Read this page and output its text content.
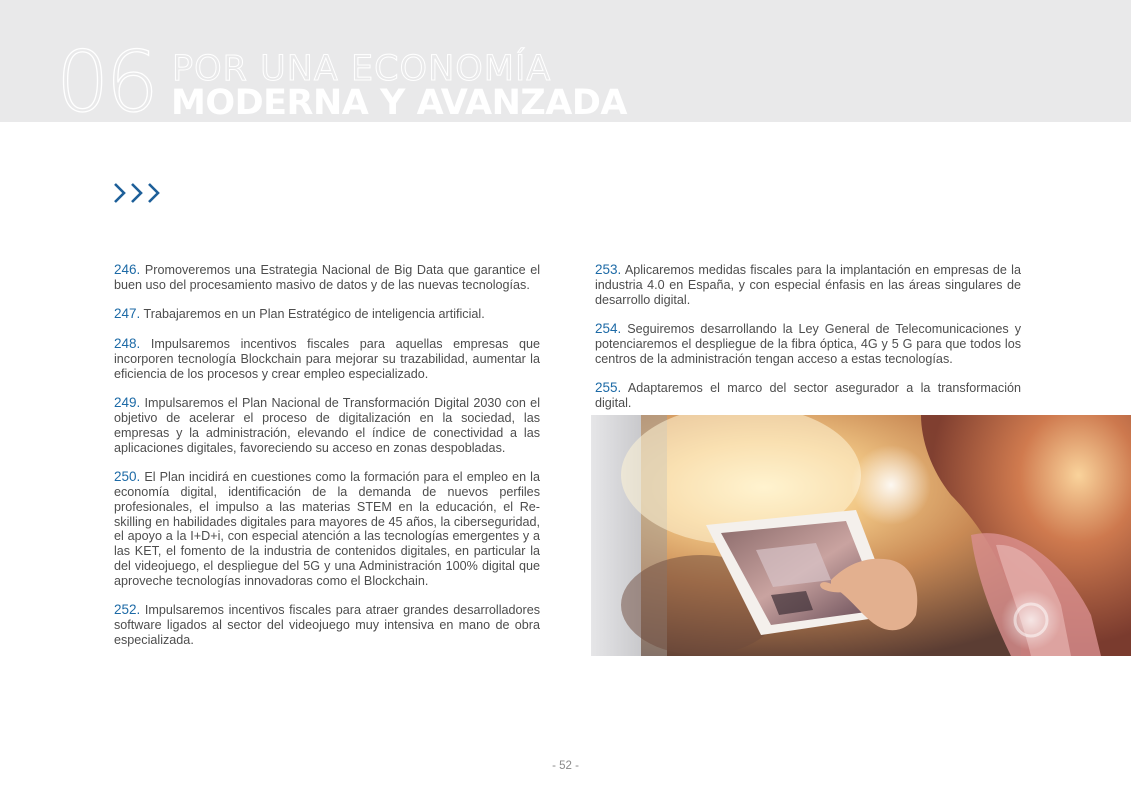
06 POR UNA ECONOMÍA
MODERNA Y AVANZADA

246. Promoveremos una Estrategia Nacional de Big Data que garantice el buen uso del procesamiento masivo de datos y de las nuevas tecnologías.

247. Trabajaremos en un Plan Estratégico de inteligencia artificial.

248. Impulsaremos incentivos fiscales para aquellas empresas que incorporen tecnología Blockchain para mejorar su trazabilidad, aumentar la eficiencia de los procesos y crear empleo especializado.

249. Impulsaremos el Plan Nacional de Transformación Digital 2030 con el objetivo de acelerar el proceso de digitalización en la sociedad, las empresas y la administración, elevando el índice de conectividad a las aplicaciones digitales, favoreciendo su acceso en zonas despobladas.

250. El Plan incidirá en cuestiones como la formación para el empleo en la economía digital, identificación de la demanda de nuevos perfiles profesionales, el impulso a las materias STEM en la educación, el Re-skilling en habilidades digitales para mayores de 45 años, la ciberseguridad, el apoyo a la I+D+i, con especial atención a las tecnologías emergentes y a las KET, el fomento de la industria de contenidos digitales, en particular la del videojuego, el despliegue del 5G y una Administración 100% digital que aproveche tecnologías innovadoras como el Blockchain.

252. Impulsaremos incentivos fiscales para atraer grandes desarrolladores software ligados al sector del videojuego muy intensiva en mano de obra especializada.

253. Aplicaremos medidas fiscales para la implantación en empresas de la industria 4.0 en España, y con especial énfasis en las áreas singulares de desarrollo digital.

254. Seguiremos desarrollando la Ley General de Telecomunicaciones y potenciaremos el despliegue de la fibra óptica, 4G y 5 G para que todos los centros de la administración tengan acceso a estas tecnologías.

255. Adaptaremos el marco del sector asegurador a la transformación digital.

- 52 -
